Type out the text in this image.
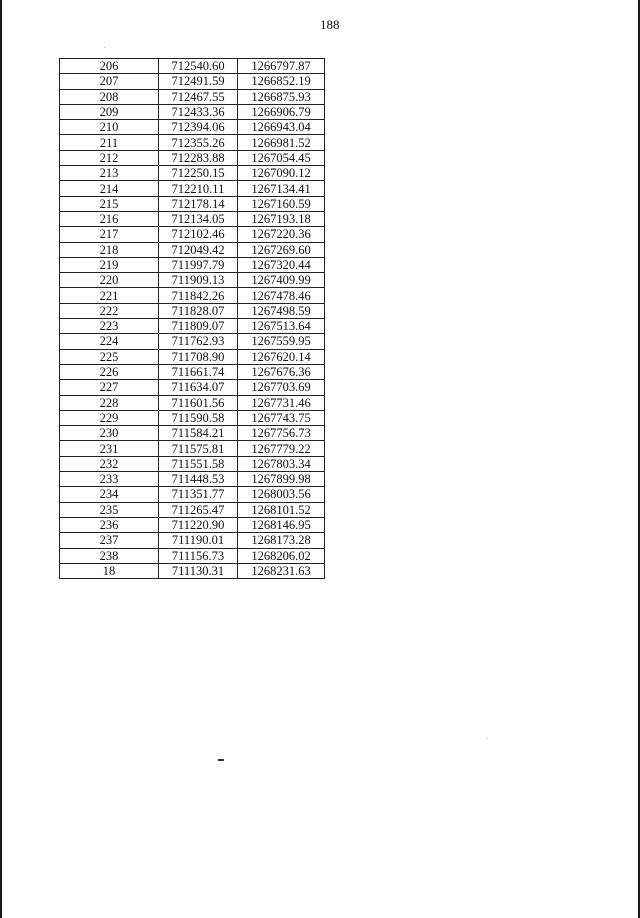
188
206	712540.60	1266797.87
207	712491.59	1266852.19
208	712467.55	1266875.93
209	712433.36	1266906.79
210	712394.06	1266943.04
211	712355.26	1266981.52
212	712283.88	1267054.45
213	712250.15	1267090.12
214	712210.11	1267134.41
215	712178.14	1267160.59
216	712134.05	1267193.18
217	712102.46	1267220.36
218	712049.42	1267269.60
219	711997.79	1267320.44
220	711909.13	1267409.99
221	711842.26	1267478.46
222	711828.07	1267498.59
223	711809.07	1267513.64
224	711762.93	1267559.95
225	711708.90	1267620.14
226	711661.74	1267676.36
227	711634.07	1267703.69
228	711601.56	1267731.46
229	711590.58	1267743.75
230	711584.21	1267756.73
231	711575.81	1267779.22
232	711551.58	1267803.34
233	711448.53	1267899.98
234	711351.77	1268003.56
235	711265.47	1268101.52
236	711220.90	1268146.95
237	711190.01	1268173.28
238	711156.73	1268206.02
18	711130.31	1268231.63
